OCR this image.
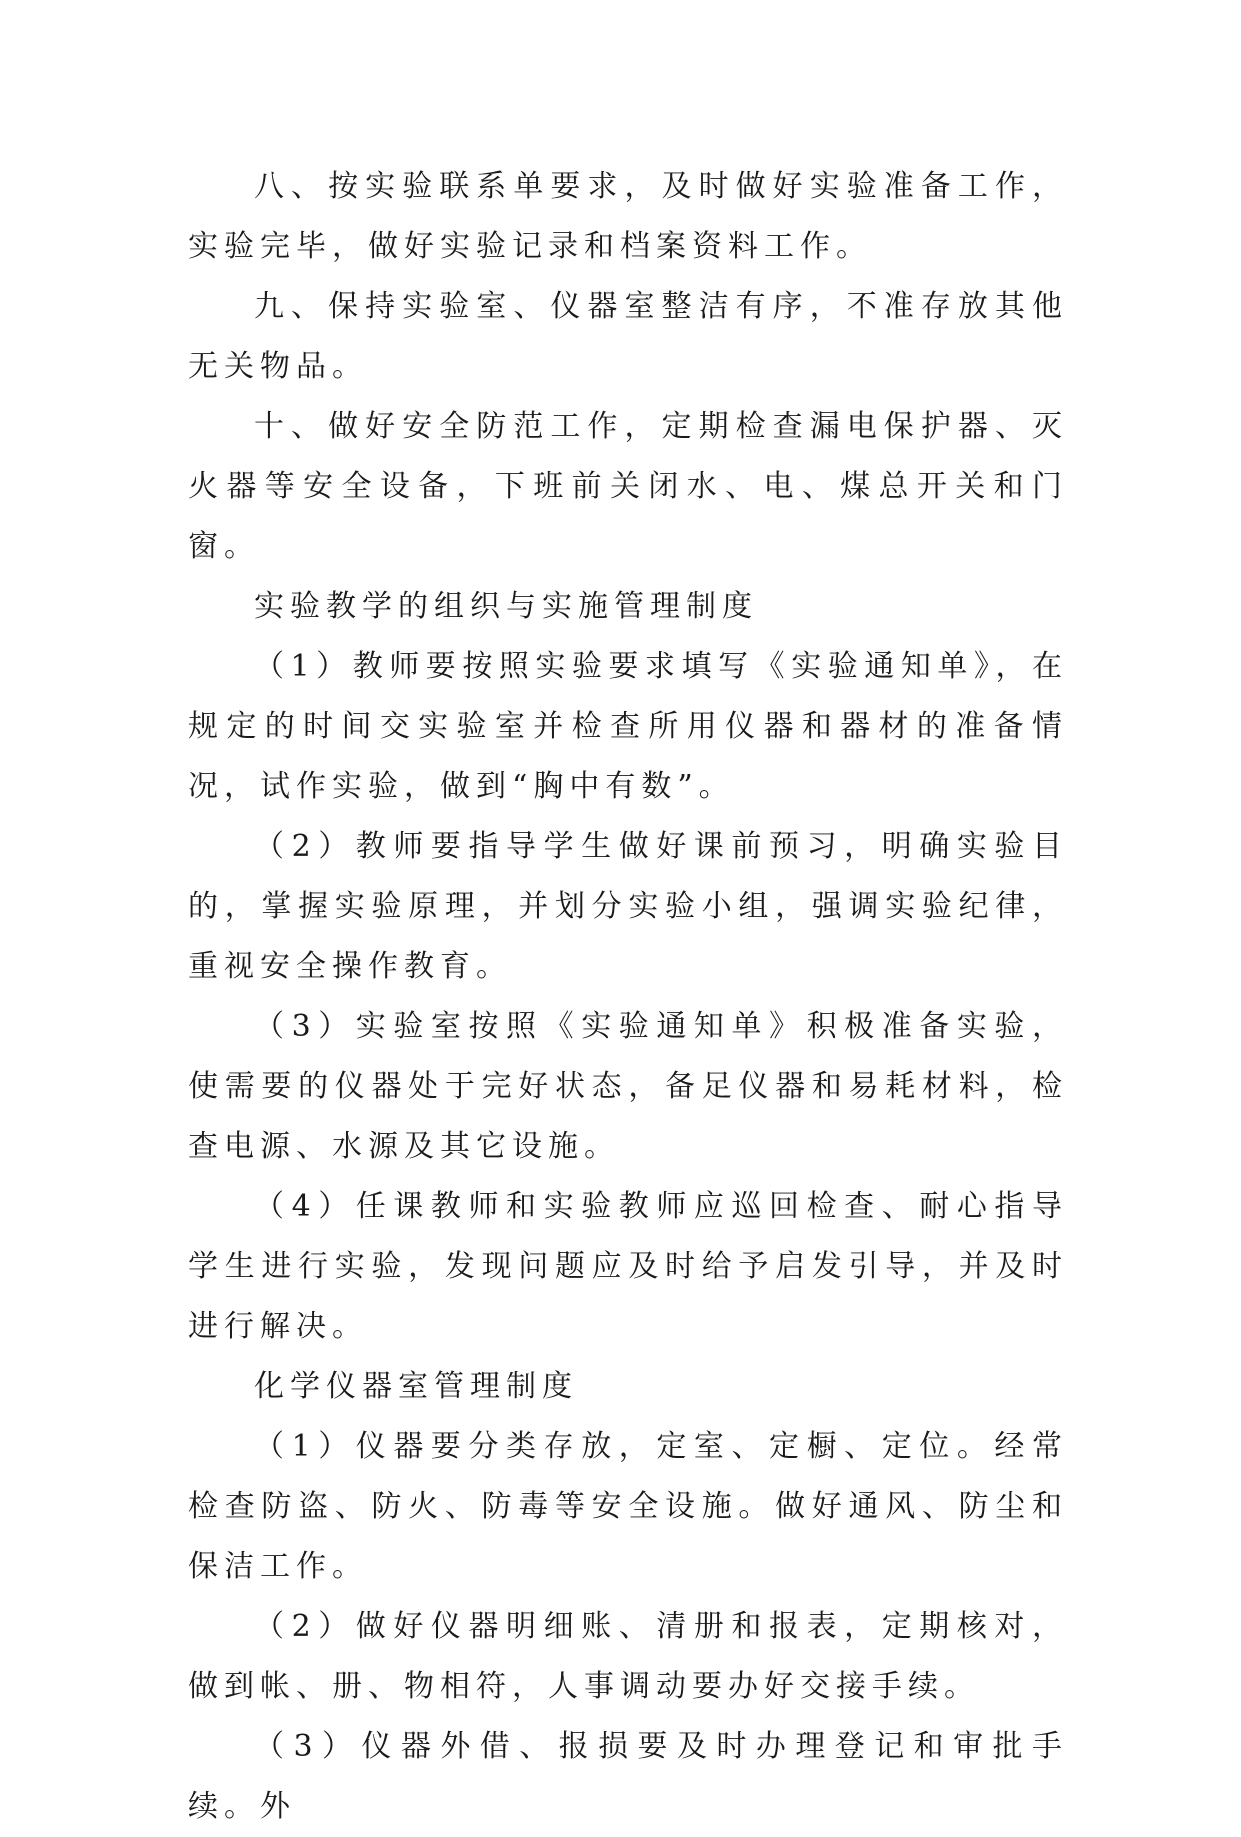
八、按实验联系单要求，及时做好实验准备工作，实验完毕，做好实验记录和档案资料工作。

九、保持实验室、仪器室整洁有序，不准存放其他无关物品。

十、做好安全防范工作，定期检查漏电保护器、灭火器等安全设备，下班前关闭水、电、煤总开关和门窗。

实验教学的组织与实施管理制度

（1）教师要按照实验要求填写《实验通知单》，在规定的时间交实验室并检查所用仪器和器材的准备情况，试作实验，做到“胸中有数”。

（2）教师要指导学生做好课前预习，明确实验目的，掌握实验原理，并划分实验小组，强调实验纪律，重视安全操作教育。

（3）实验室按照《实验通知单》积极准备实验，使需要的仪器处于完好状态，备足仪器和易耗材料，检查电源、水源及其它设施。

（4）任课教师和实验教师应巡回检查、耐心指导学生进行实验，发现问题应及时给予启发引导，并及时进行解决。

化学仪器室管理制度

（1）仪器要分类存放，定室、定橱、定位。经常检查防盗、防火、防毒等安全设施。做好通风、防尘和保洁工作。

（2）做好仪器明细账、清册和报表，定期核对，做到帐、册、物相符，人事调动要办好交接手续。

（3）仪器外借、报损要及时办理登记和审批手续。外
